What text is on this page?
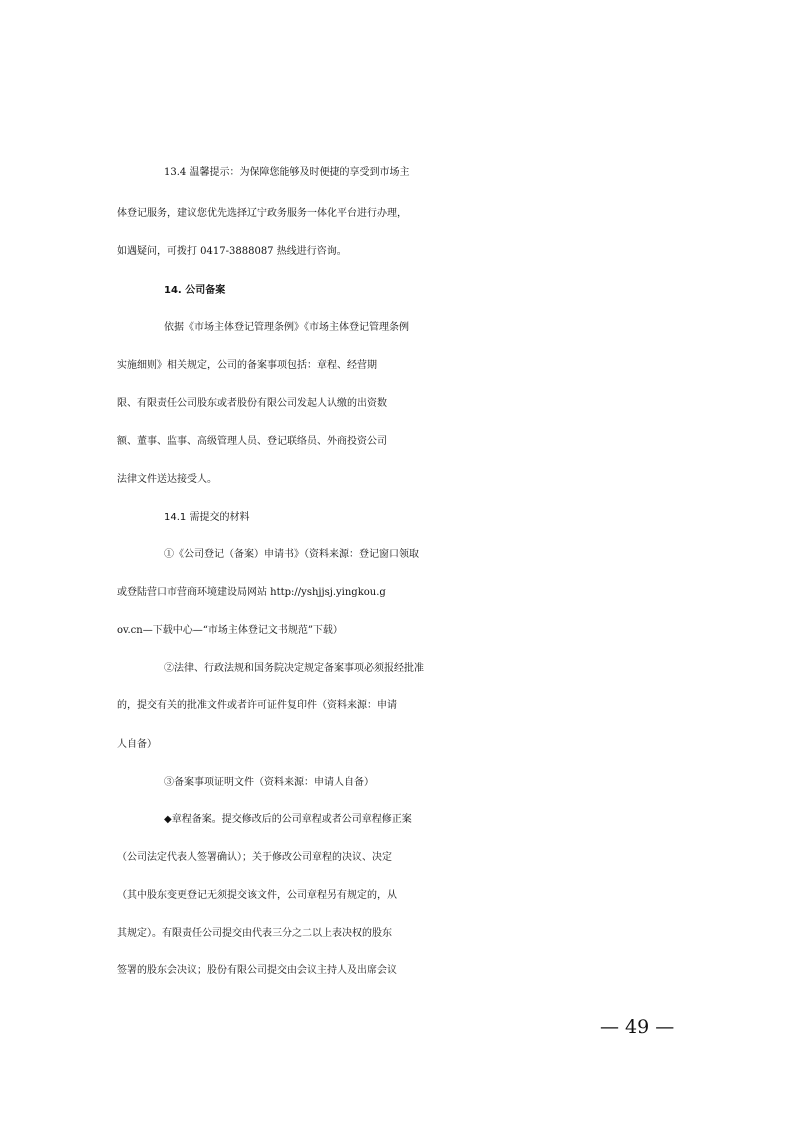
13.4 温馨提示：为保障您能够及时便捷的享受到市场主
体登记服务，建议您优先选择辽宁政务服务一体化平台进行办理，
如遇疑问，可拨打 0417-3888087 热线进行咨询。
14. 公司备案
依据《市场主体登记管理条例》《市场主体登记管理条例
实施细则》相关规定，公司的备案事项包括：章程、经营期
限、有限责任公司股东或者股份有限公司发起人认缴的出资数
额、董事、监事、高级管理人员、登记联络员、外商投资公司
法律文件送达接受人。
14.1 需提交的材料
①《公司登记（备案）申请书》（资料来源：登记窗口领取
或登陆营口市营商环境建设局网站 http://yshjjsj.yingkou.g
ov.cn—下载中心—“市场主体登记文书规范”下载）
②法律、行政法规和国务院决定规定备案事项必须报经批准
的，提交有关的批准文件或者许可证件复印件（资料来源：申请
人自备）
③备案事项证明文件（资料来源：申请人自备）
◆章程备案。提交修改后的公司章程或者公司章程修正案
（公司法定代表人签署确认）；关于修改公司章程的决议、决定
（其中股东变更登记无须提交该文件，公司章程另有规定的，从
其规定）。有限责任公司提交由代表三分之二以上表决权的股东
签署的股东会决议；股份有限公司提交由会议主持人及出席会议
— 49 —
